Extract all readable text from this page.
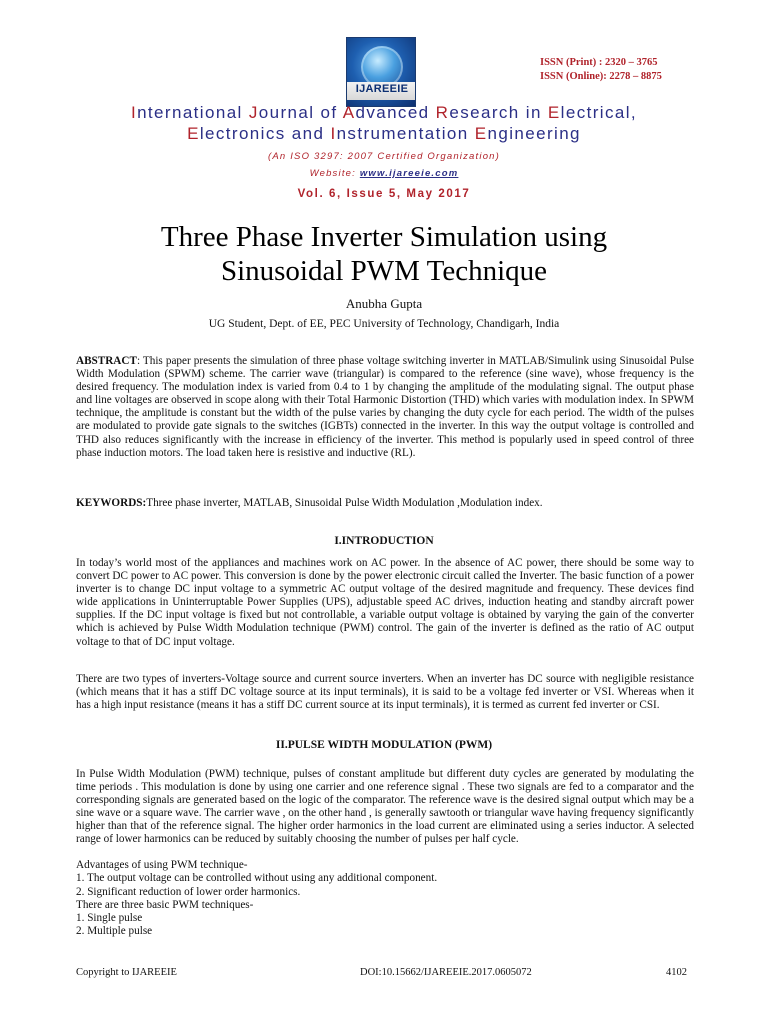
IJAREEIE
ISSN (Print) : 2320 – 3765
ISSN (Online): 2278 – 8875
International Journal of Advanced Research in Electrical,
Electronics and Instrumentation Engineering
(An ISO 3297: 2007 Certified Organization)
Website: www.ijareeie.com
Vol. 6, Issue 5, May 2017
Three Phase Inverter Simulation using
Sinusoidal PWM Technique
Anubha Gupta
UG Student, Dept. of EE, PEC University of Technology, Chandigarh, India
ABSTRACT: This paper presents the simulation of three phase voltage switching inverter in MATLAB/Simulink using Sinusoidal Pulse Width Modulation (SPWM) scheme. The carrier wave (triangular) is compared to the reference (sine wave), whose frequency is the desired frequency. The modulation index is varied from 0.4 to 1 by changing the amplitude of the modulating signal. The output phase and line voltages are observed in scope along with their Total Harmonic Distortion (THD) which varies with modulation index. In SPWM technique, the amplitude is constant but the width of the pulse varies by changing the duty cycle for each period. The width of the pulses are modulated to provide gate signals to the switches (IGBTs) connected in the inverter. In this way the output voltage is controlled and THD also reduces significantly with the increase in efficiency of the inverter. This method is popularly used in speed control of three phase induction motors. The load taken here is resistive and inductive (RL).
KEYWORDS:Three phase inverter, MATLAB, Sinusoidal Pulse Width Modulation ,Modulation index.
I.INTRODUCTION
In today’s world most of the appliances and machines work on AC power. In the absence of AC power, there should be some way to convert DC power to AC power. This conversion is done by the power electronic circuit called the Inverter. The basic function of a power inverter is to change DC input voltage to a symmetric AC output voltage of the desired magnitude and frequency. These devices find wide applications in Uninterruptable Power Supplies (UPS), adjustable speed AC drives, induction heating and standby aircraft power supplies. If the DC input voltage is fixed but not controllable, a variable output voltage is obtained by varying the gain of the converter which is achieved by Pulse Width Modulation technique (PWM) control. The gain of the inverter is defined as the ratio of AC output voltage to that of DC input voltage.
There are two types of inverters-Voltage source and current source inverters. When an inverter has DC source with negligible resistance (which means that it has a stiff DC voltage source at its input terminals), it is said to be a voltage fed inverter or VSI. Whereas when it has a high input resistance (means it has a stiff DC current source at its input terminals), it is termed as current fed inverter or CSI.
II.PULSE WIDTH MODULATION (PWM)
In Pulse Width Modulation (PWM) technique, pulses of constant amplitude but different duty cycles are generated by modulating the time periods . This modulation is done by using one carrier and one reference signal . These two signals are fed to a comparator and the corresponding signals are generated based on the logic of the comparator. The reference wave is the desired signal output which may be a sine wave or a square wave. The carrier wave , on the other hand , is generally sawtooth or triangular wave having frequency significantly higher than that of the reference signal. The higher order harmonics in the load current are eliminated using a series inductor. A selected range of lower harmonics can be reduced by suitably choosing the number of pulses per half cycle.
Advantages of using PWM technique-
1. The output voltage can be controlled without using any additional component.
2. Significant reduction of lower order harmonics.
There are three basic PWM techniques-
1. Single pulse
2. Multiple pulse
Copyright to IJAREEIE	DOI:10.15662/IJAREEIE.2017.0605072	4102
